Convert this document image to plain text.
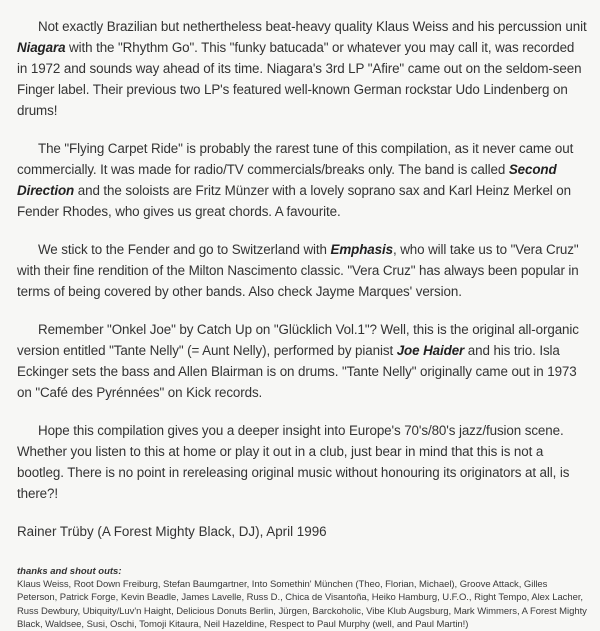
Not exactly Brazilian but nethertheless beat-heavy quality Klaus Weiss and his percussion unit Niagara with the "Rhythm Go". This "funky batucada" or whatever you may call it, was recorded in 1972 and sounds way ahead of its time. Niagara's 3rd LP "Afire" came out on the seldom-seen Finger label. Their previous two LP's featured well-known German rockstar Udo Lindenberg on drums!

The "Flying Carpet Ride" is probably the rarest tune of this compilation, as it never came out commercially. It was made for radio/TV commercials/breaks only. The band is called Second Direction and the soloists are Fritz Münzer with a lovely soprano sax and Karl Heinz Merkel on Fender Rhodes, who gives us great chords. A favourite.

We stick to the Fender and go to Switzerland with Emphasis, who will take us to "Vera Cruz" with their fine rendition of the Milton Nascimento classic. "Vera Cruz" has always been popular in terms of being covered by other bands. Also check Jayme Marques' version.

Remember "Onkel Joe" by Catch Up on "Glücklich Vol.1"? Well, this is the original all-organic version entitled "Tante Nelly" (= Aunt Nelly), performed by pianist Joe Haider and his trio. Isla Eckinger sets the bass and Allen Blairman is on drums. "Tante Nelly" originally came out in 1973 on "Café des Pyrénnées" on Kick records.

Hope this compilation gives you a deeper insight into Europe's 70's/80's jazz/fusion scene. Whether you listen to this at home or play it out in a club, just bear in mind that this is not a bootleg. There is no point in rereleasing original music without honouring its originators at all, is there?!

Rainer Trüby (A Forest Mighty Black, DJ), April 1996

thanks and shout outs:

Klaus Weiss, Root Down Freiburg, Stefan Baumgartner, Into Somethin' München (Theo, Florian, Michael), Groove Attack, Gilles Peterson, Patrick Forge, Kevin Beadle, James Lavelle, Russ D., Chica de Visantoña, Heiko Hamburg, U.F.O., Right Tempo, Alex Lacher, Russ Dewbury, Ubiquity/Luv'n Haight, Delicious Donuts Berlin, Jürgen, Barckoholic, Vibe Klub Augsburg, Mark Wimmers, A Forest Mighty Black, Waldsee, Susi, Oschi, Tomoji Kitaura, Neil Hazeldine, Respect to Paul Murphy (well, and Paul Martin!)
